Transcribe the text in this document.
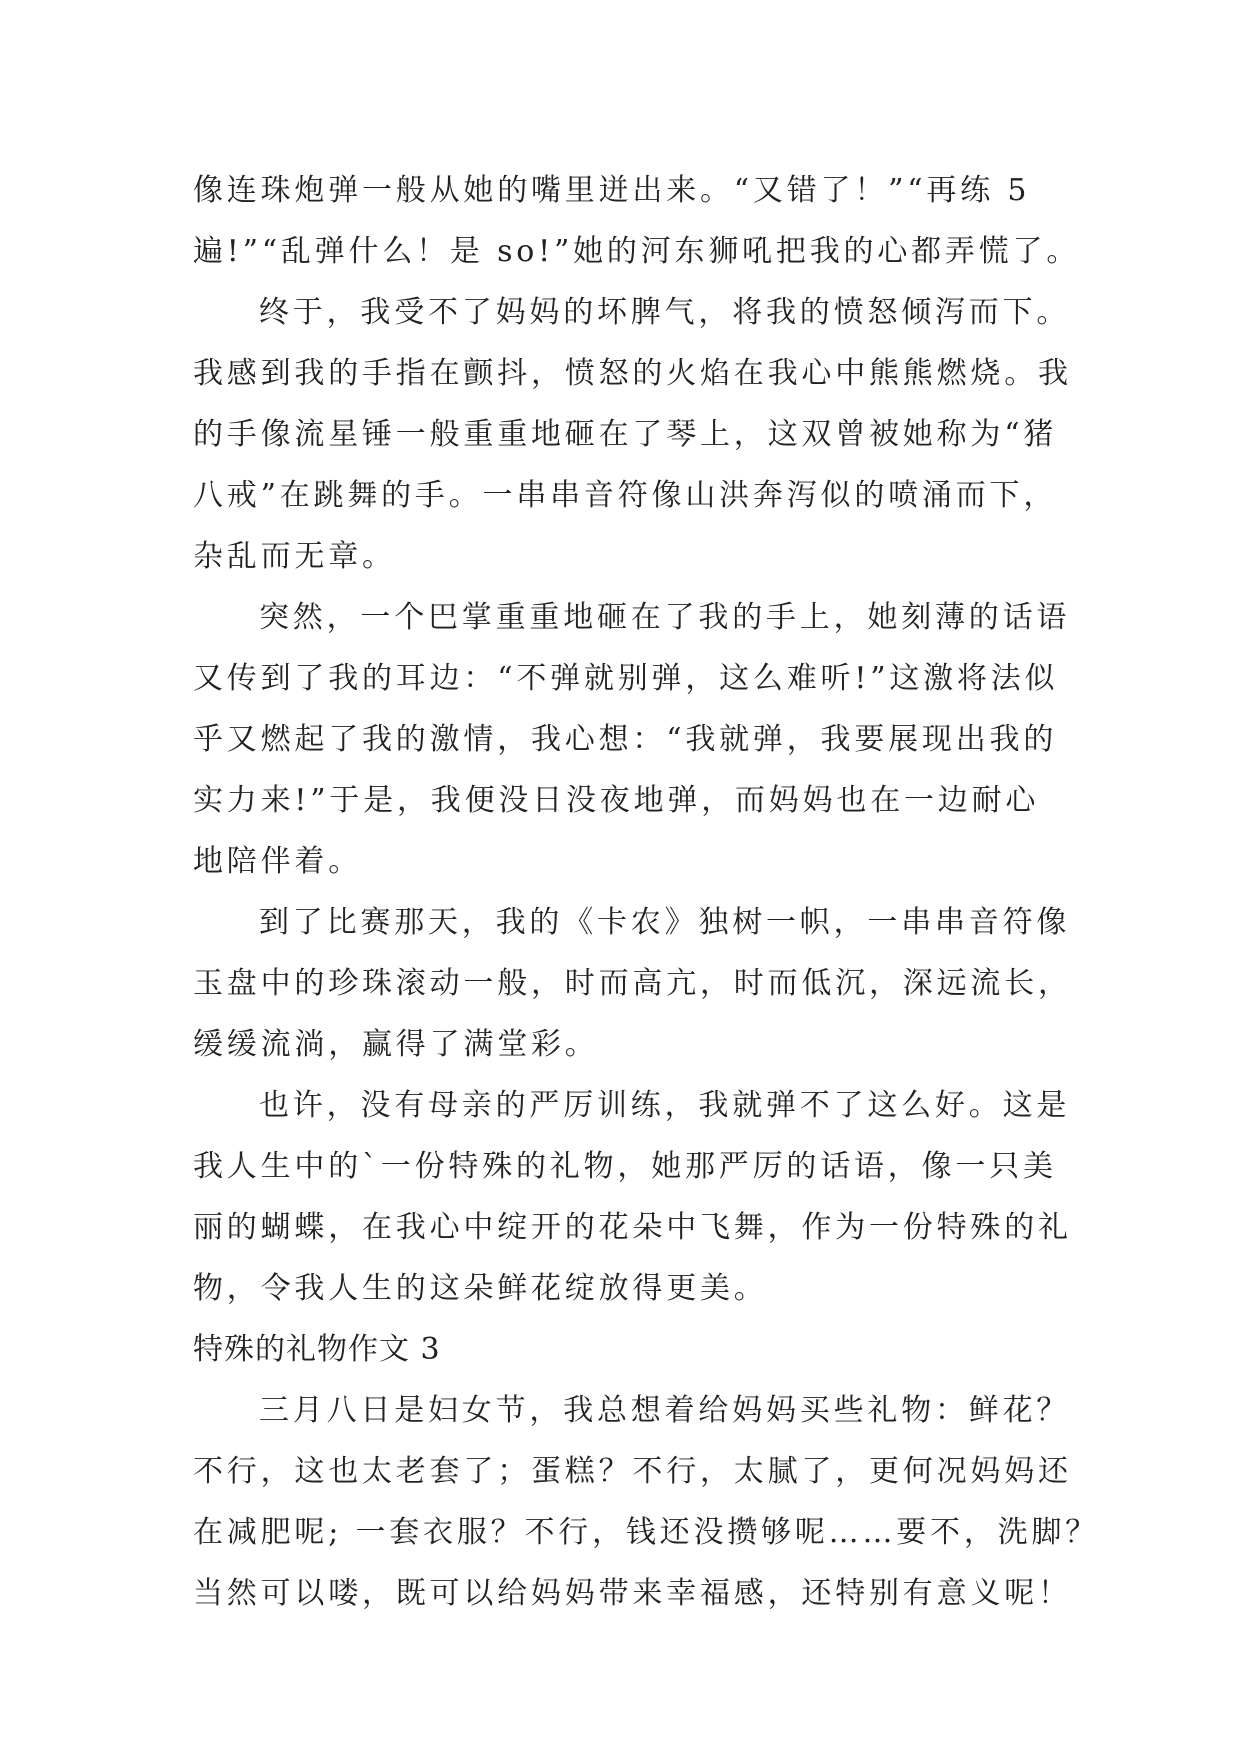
像连珠炮弹一般从她的嘴里迸出来。“又错了！”“再练 5
遍!”“乱弹什么！是 so!”她的河东狮吼把我的心都弄慌了。
终于，我受不了妈妈的坏脾气，将我的愤怒倾泻而下。
我感到我的手指在颤抖，愤怒的火焰在我心中熊熊燃烧。我
的手像流星锤一般重重地砸在了琴上，这双曾被她称为“猪
八戒”在跳舞的手。一串串音符像山洪奔泻似的喷涌而下，
杂乱而无章。
突然，一个巴掌重重地砸在了我的手上，她刻薄的话语
又传到了我的耳边：“不弹就别弹，这么难听!”这激将法似
乎又燃起了我的激情，我心想：“我就弹，我要展现出我的
实力来!”于是，我便没日没夜地弹，而妈妈也在一边耐心
地陪伴着。
到了比赛那天，我的《卡农》独树一帜，一串串音符像
玉盘中的珍珠滚动一般，时而高亢，时而低沉，深远流长，
缓缓流淌，赢得了满堂彩。
也许，没有母亲的严厉训练，我就弹不了这么好。这是
我人生中的`一份特殊的礼物，她那严厉的话语，像一只美
丽的蝴蝶，在我心中绽开的花朵中飞舞，作为一份特殊的礼
物，令我人生的这朵鲜花绽放得更美。
特殊的礼物作文 3
三月八日是妇女节，我总想着给妈妈买些礼物：鲜花？
不行，这也太老套了；蛋糕？不行，太腻了，更何况妈妈还
在减肥呢; 一套衣服？不行，钱还没攒够呢……要不，洗脚？
当然可以喽，既可以给妈妈带来幸福感，还特别有意义呢！
